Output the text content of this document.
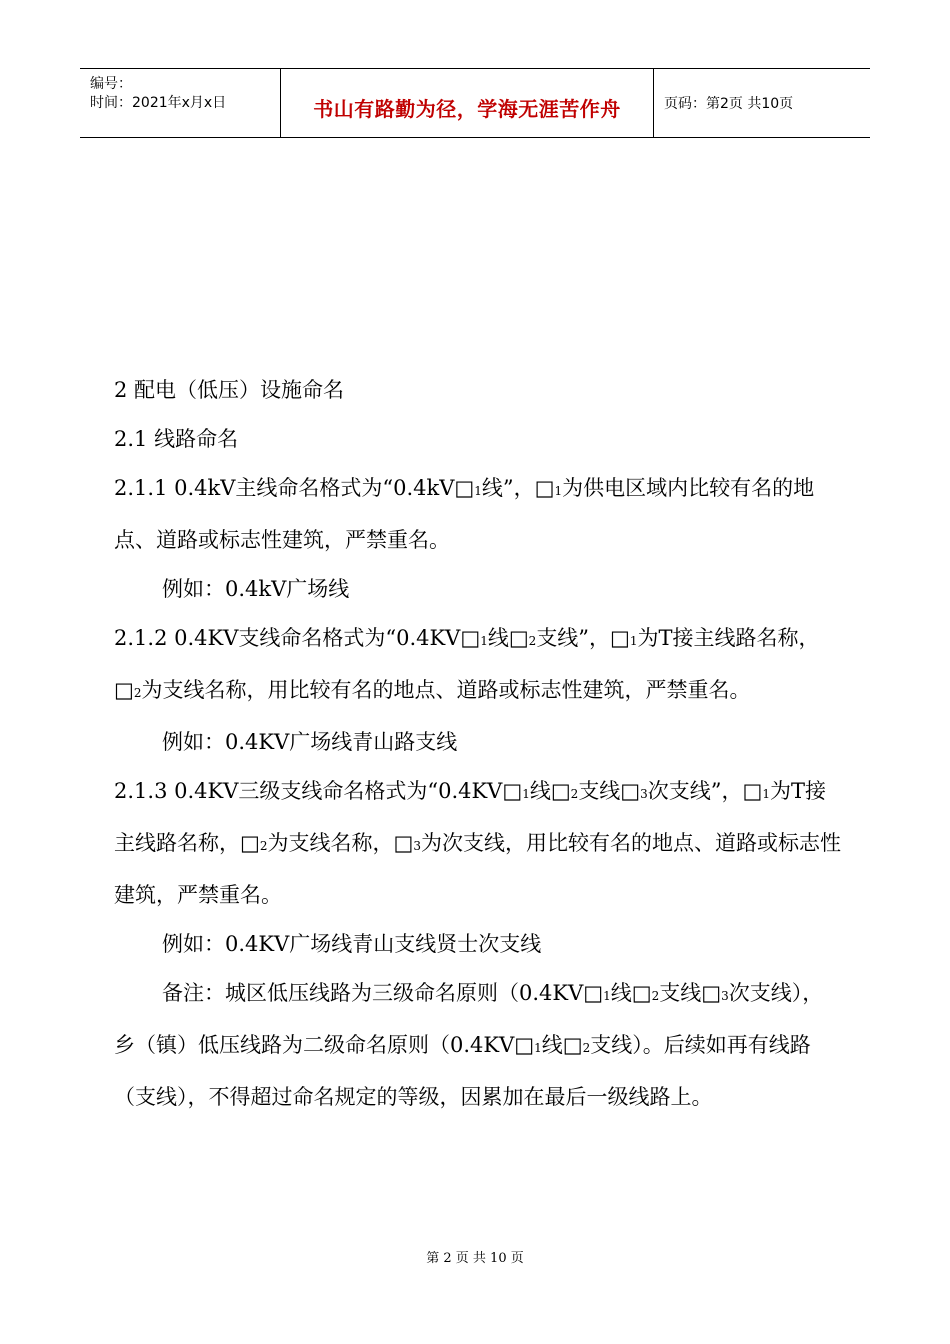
编号：
时间：2021年x月x日	书山有路勤为径，学海无涯苦作舟	页码：第2页 共10页

2 配电（低压）设施命名

2.1 线路命名

2.1.1 0.4kV主线命名格式为“0.4kV□1线”，□1为供电区域内比较有名的地点、道路或标志性建筑，严禁重名。

例如：0.4kV广场线

2.1.2 0.4KV支线命名格式为“0.4KV□1线□2支线”，□1为T接主线路名称，□2为支线名称，用比较有名的地点、道路或标志性建筑，严禁重名。

例如：0.4KV广场线青山路支线

2.1.3 0.4KV三级支线命名格式为“0.4KV□1线□2支线□3次支线”，□1为T接主线路名称，□2为支线名称，□3为次支线，用比较有名的地点、道路或标志性建筑，严禁重名。

例如：0.4KV广场线青山支线贤士次支线

备注：城区低压线路为三级命名原则（0.4KV□1线□2支线□3次支线），乡（镇）低压线路为二级命名原则（0.4KV□1线□2支线）。后续如再有线路（支线），不得超过命名规定的等级，因累加在最后一级线路上。

第 2 页 共 10 页
